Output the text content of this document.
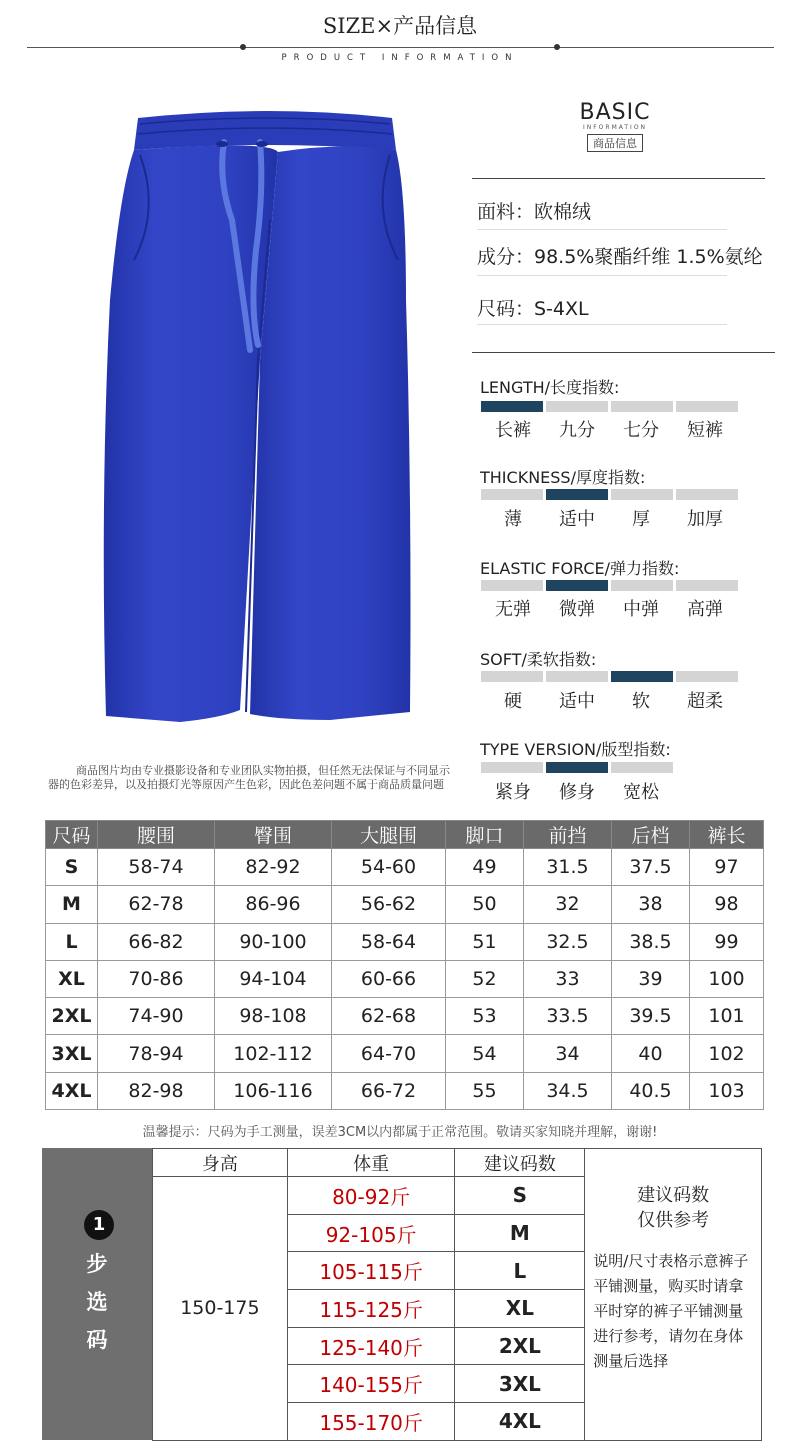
SIZE×产品信息
PRODUCT INFORMATION
商品图片均由专业摄影设备和专业团队实物拍摄，但任然无法保证与不同显示器的色彩差异，以及拍摄灯光等原因产生色彩，因此色差问题不属于商品质量问题
BASIC
INFORMATION
商品信息
面料：欧棉绒
成分：98.5%聚酯纤维 1.5%氨纶
尺码：S-4XL
LENGTH/长度指数:
THICKNESS/厚度指数:
ELASTIC FORCE/弹力指数:
SOFT/柔软指数:
TYPE VERSION/版型指数:
长裤	九分	七分	短裤
薄	适中	厚	加厚
无弹	微弹	中弹	高弹
硬	适中	软	超柔
紧身	修身	宽松
尺码	腰围	臀围	大腿围	脚口	前挡	后档	裤长
S	58-74	82-92	54-60	49	31.5	37.5	97
M	62-78	86-96	56-62	50	32	38	98
L	66-82	90-100	58-64	51	32.5	38.5	99
XL	70-86	94-104	60-66	52	33	39	100
2XL	74-90	98-108	62-68	53	33.5	39.5	101
3XL	78-94	102-112	64-70	54	34	40	102
4XL	82-98	106-116	66-72	55	34.5	40.5	103
温馨提示：尺码为手工测量，误差3CM以内都属于正常范围。敬请买家知晓并理解，谢谢!
1
步
选
码
身高	体重	建议码数	建议码数
仅供参考
说明/尺寸表格示意裤子平铺测量，购买时请拿平时穿的裤子平铺测量进行参考，请勿在身体测量后选择

150-175	80-92斤	S	
	92-105斤	M	
	105-115斤	L	
	115-125斤	XL	
	125-140斤	2XL	
	140-155斤	3XL	
	155-170斤	4XL	
